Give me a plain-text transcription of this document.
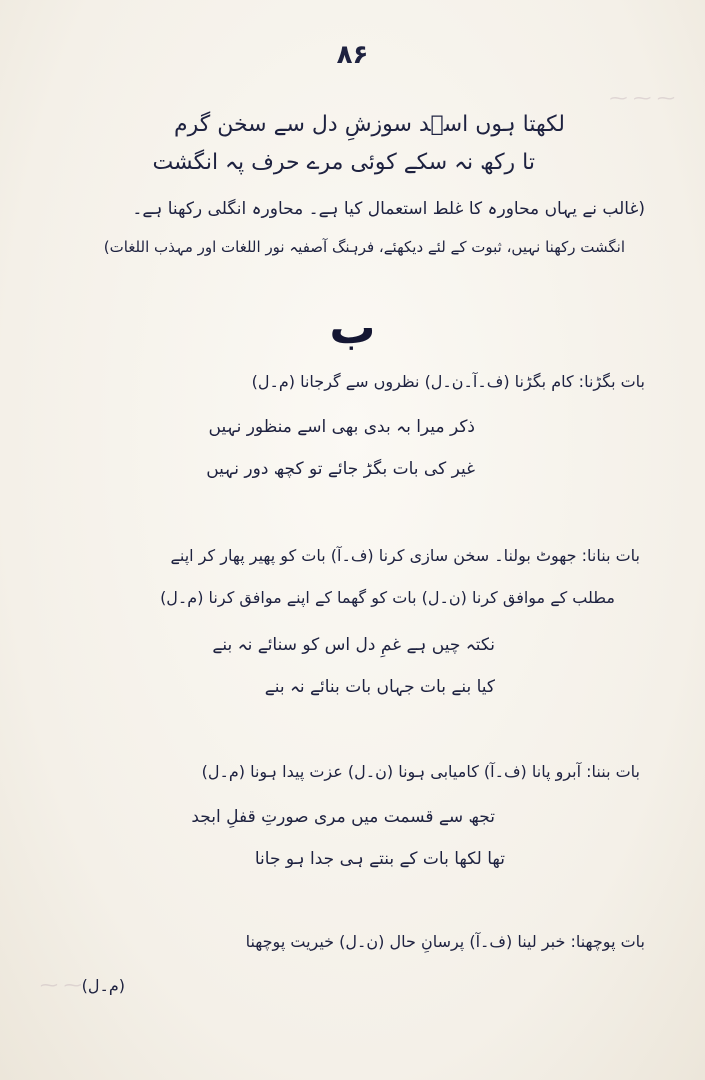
⁓ ⁓ ⁓
⁓ ⁓
۸۶
لکھتا ہوں اسؔد سوزشِ دل سے سخن گرم
تا رکھ نہ سکے کوئی مرے حرف پہ انگشت
(غالب نے یہاں محاورہ کا غلط استعمال کیا ہے۔ محاورہ انگلی رکھنا ہے۔
انگشت رکھنا نہیں، ثبوت کے لئے دیکھئے، فرہنگ آصفیہ نور اللغات اور مہذب اللغات)
ب
بات بگڑنا: کام بگڑنا (ف۔آ۔ن۔ل) نظروں سے گرجانا (م۔ل)
ذکر میرا بہ بدی بھی اسے منظور نہیں
غیر کی بات بگڑ جائے تو کچھ دور نہیں
بات بنانا: جھوٹ بولنا۔ سخن سازی کرنا (ف۔آ) بات کو پھیر پھار کر اپنے
مطلب کے موافق کرنا (ن۔ل) بات کو گھما کے اپنے موافق کرنا (م۔ل)
نکتہ چیں ہے غمِ دل اس کو سنائے نہ بنے
کیا بنے بات جہاں بات بنائے نہ بنے
بات بننا: آبرو پانا (ف۔آ) کامیابی ہونا (ن۔ل) عزت پیدا ہونا (م۔ل)
تجھ سے قسمت میں مری صورتِ قفلِ ابجد
تھا لکھا بات کے بنتے ہی جدا ہو جانا
بات پوچھنا: خبر لینا (ف۔آ) پرسانِ حال (ن۔ل) خیریت پوچھنا
(م۔ل)
